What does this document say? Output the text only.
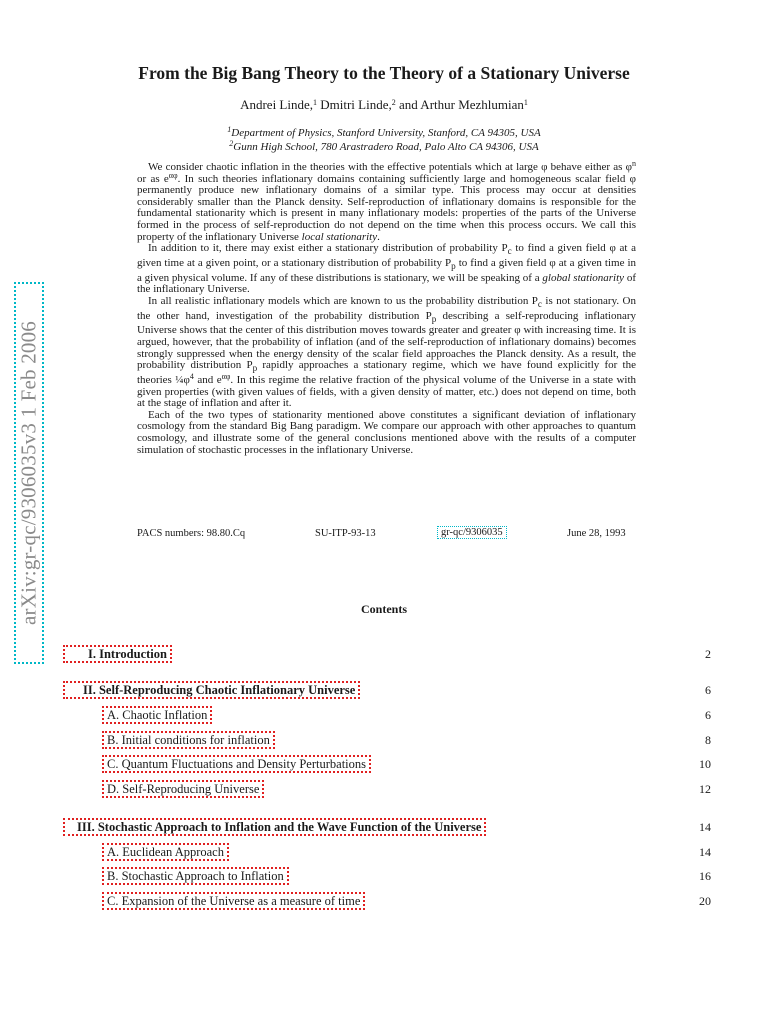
arXiv:gr-qc/9306035v3 1 Feb 2006
From the Big Bang Theory to the Theory of a Stationary Universe
Andrei Linde,$^1$ Dmitri Linde,$^2$ and Arthur Mezhlumian$^1$
$^1$Department of Physics, Stanford University, Stanford, CA 94305, USA
$^2$Gunn High School, 780 Arastradero Road, Palo Alto CA 94306, USA

We consider chaotic inflation in the theories with the effective potentials which at large φ behave either as $\varphi^n$ or as $e^{\alpha\varphi}$. In such theories inflationary domains containing sufficiently large and homogeneous scalar field φ permanently produce new inflationary domains of a similar type. This process may occur at densities considerably smaller than the Planck density. Self-reproduction of inflationary domains is responsible for the fundamental stationarity which is present in many inflationary models: properties of the parts of the Universe formed in the process of self-reproduction do not depend on the time when this process occurs. We call this property of the inflationary Universe local stationarity.

In addition to it, there may exist either a stationary distribution of probability $P_c$ to find a given field φ at a given time at a given point, or a stationary distribution of probability $P_p$ to find a given field φ at a given time in a given physical volume. If any of these distributions is stationary, we will be speaking of a global stationarity of the inflationary Universe.

In all realistic inflationary models which are known to us the probability distribution $P_c$ is not stationary. On the other hand, investigation of the probability distribution $P_p$ describing a self-reproducing inflationary Universe shows that the center of this distribution moves towards greater and greater φ with increasing time. It is argued, however, that the probability of inflation (and of the self-reproduction of inflationary domains) becomes strongly suppressed when the energy density of the scalar field approaches the Planck density. As a result, the probability distribution $P_p$ rapidly approaches a stationary regime, which we have found explicitly for the theories $\frac{1}{4}\varphi^4$ and $e^{\alpha\varphi}$. In this regime the relative fraction of the physical volume of the Universe in a state with given properties (with given values of fields, with a given density of matter, etc.) does not depend on time, both at the stage of inflation and after it.

Each of the two types of stationarity mentioned above constitutes a significant deviation of inflationary cosmology from the standard Big Bang paradigm. We compare our approach with other approaches to quantum cosmology, and illustrate some of the general conclusions mentioned above with the results of a computer simulation of stochastic processes in the inflationary Universe.

PACS numbers: 98.80.Cq	SU-ITP-93-13	gr-qc/9306035	June 28, 1993
Contents
I. Introduction	2
II. Self-Reproducing Chaotic Inflationary Universe	6
A. Chaotic Inflation	6
B. Initial conditions for inflation	8
C. Quantum Fluctuations and Density Perturbations	10
D. Self-Reproducing Universe	12
III. Stochastic Approach to Inflation and the Wave Function of the Universe	14
A. Euclidean Approach	14
B. Stochastic Approach to Inflation	16
C. Expansion of the Universe as a measure of time	20
